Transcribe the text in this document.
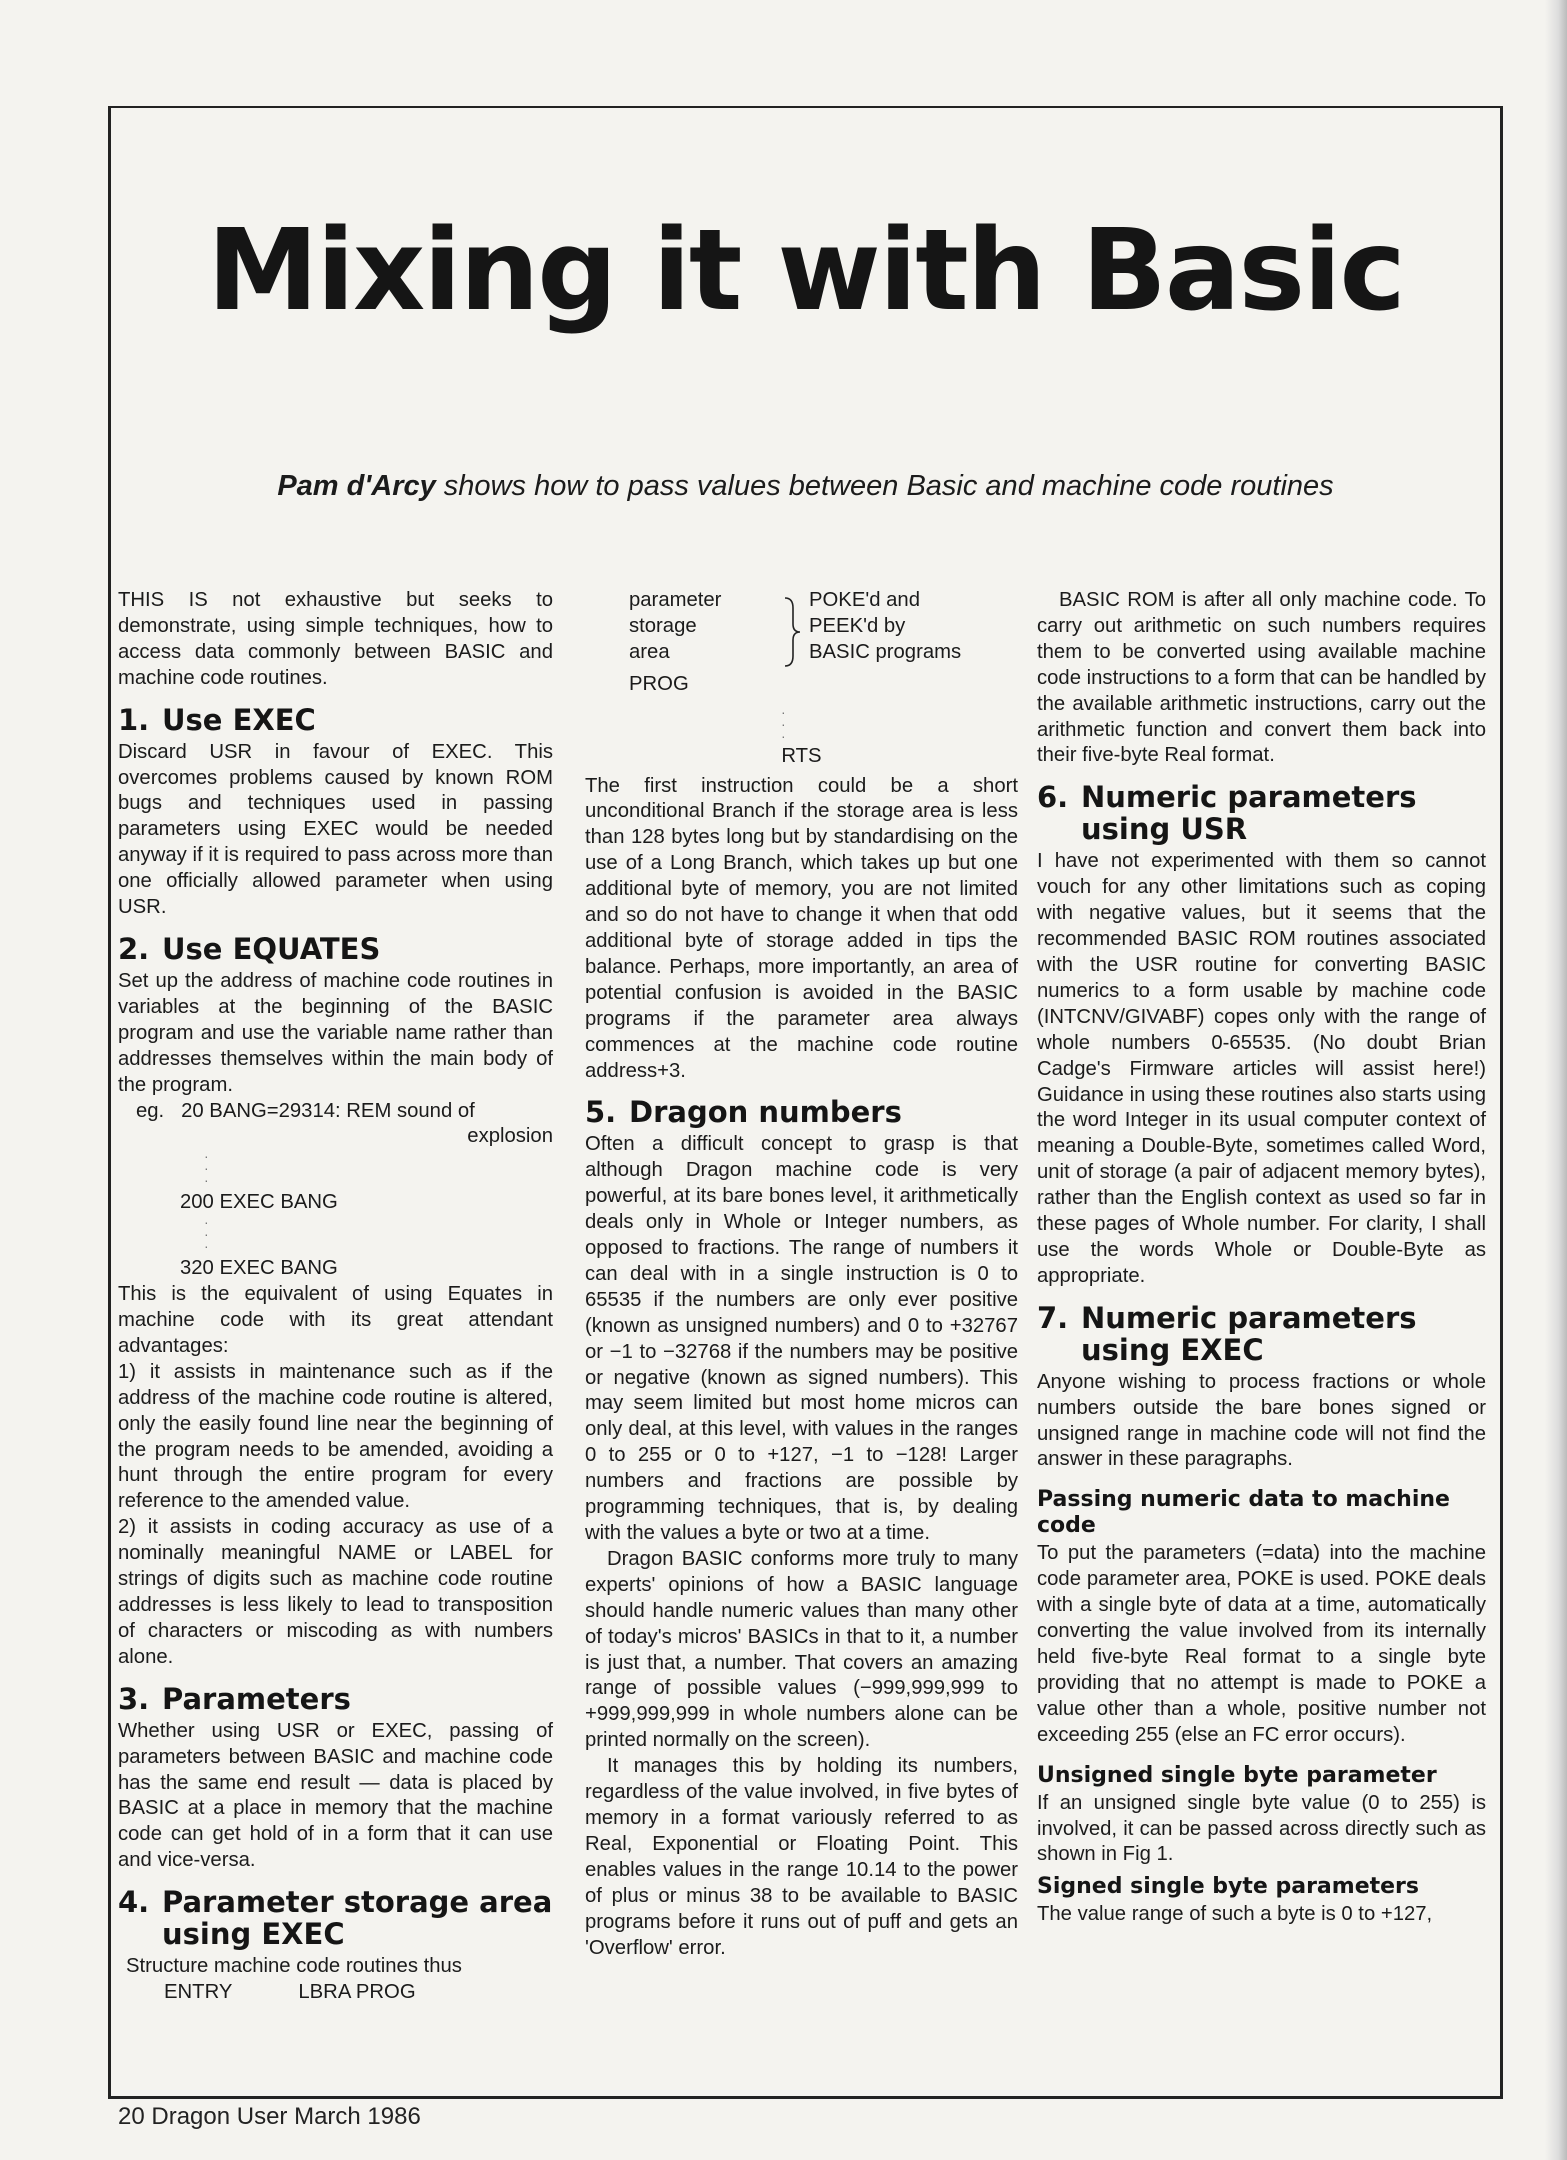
Mixing it with Basic
Pam d'Arcy shows how to pass values between Basic and machine code routines

THIS IS not exhaustive but seeks to demonstrate, using simple techniques, how to access data commonly between BASIC and machine code routines.

1. Use EXEC

Discard USR in favour of EXEC. This overcomes problems caused by known ROM bugs and techniques used in passing parameters using EXEC would be needed anyway if it is required to pass across more than one officially allowed parameter when using USR.

2. Use EQUATES

Set up the address of machine code routines in variables at the beginning of the BASIC program and use the variable name rather than addresses themselves within the main body of the program.

eg.   20 BANG=29314: REM sound of
explosion
·
·
·
200 EXEC BANG
·
·
·
320 EXEC BANG

This is the equivalent of using Equates in machine code with its great attendant advantages:

1) it assists in maintenance such as if the address of the machine code routine is altered, only the easily found line near the beginning of the program needs to be amended, avoiding a hunt through the entire program for every reference to the amended value.

2) it assists in coding accuracy as use of a nominally meaningful NAME or LABEL for strings of digits such as machine code routine addresses is less likely to lead to transposition of characters or miscoding as with numbers alone.

3. Parameters

Whether using USR or EXEC, passing of parameters between BASIC and machine code has the same end result — data is placed by BASIC at a place in memory that the machine code can get hold of in a form that it can use and vice-versa.

4. Parameter storage area
using EXEC

Structure machine code routines thus

ENTRY	LBRA PROG
parameter
storage
area
PROG
POKE'd and
PEEK'd by
BASIC programs
·
·
·
RTS

The first instruction could be a short unconditional Branch if the storage area is less than 128 bytes long but by standardising on the use of a Long Branch, which takes up but one additional byte of memory, you are not limited and so do not have to change it when that odd additional byte of storage added in tips the balance. Perhaps, more importantly, an area of potential confusion is avoided in the BASIC programs if the parameter area always commences at the machine code routine address+3.

5. Dragon numbers

Often a difficult concept to grasp is that although Dragon machine code is very powerful, at its bare bones level, it arithmetically deals only in Whole or Integer numbers, as opposed to fractions. The range of numbers it can deal with in a single instruction is 0 to 65535 if the numbers are only ever positive (known as unsigned numbers) and 0 to +32767 or −1 to −32768 if the numbers may be positive or negative (known as signed numbers). This may seem limited but most home micros can only deal, at this level, with values in the ranges 0 to 255 or 0 to +127, −1 to −128! Larger numbers and fractions are possible by programming techniques, that is, by dealing with the values a byte or two at a time.

Dragon BASIC conforms more truly to many experts' opinions of how a BASIC language should handle numeric values than many other of today's micros' BASICs in that to it, a number is just that, a number. That covers an amazing range of possible values (−999,999,999 to +999,999,999 in whole numbers alone can be printed normally on the screen).

It manages this by holding its numbers, regardless of the value involved, in five bytes of memory in a format variously referred to as Real, Exponential or Floating Point. This enables values in the range 10.14 to the power of plus or minus 38 to be available to BASIC programs before it runs out of puff and gets an 'Overflow' error.

BASIC ROM is after all only machine code. To carry out arithmetic on such numbers requires them to be converted using available machine code instructions to a form that can be handled by the available arithmetic instructions, carry out the arithmetic function and convert them back into their five-byte Real format.

6. Numeric parameters
using USR

I have not experimented with them so cannot vouch for any other limitations such as coping with negative values, but it seems that the recommended BASIC ROM routines associated with the USR routine for converting BASIC numerics to a form usable by machine code (INTCNV/GIVABF) copes only with the range of whole numbers 0-65535. (No doubt Brian Cadge's Firmware articles will assist here!) Guidance in using these routines also starts using the word Integer in its usual computer context of meaning a Double-Byte, sometimes called Word, unit of storage (a pair of adjacent memory bytes), rather than the English context as used so far in these pages of Whole number. For clarity, I shall use the words Whole or Double-Byte as appropriate.

7. Numeric parameters
using EXEC

Anyone wishing to process fractions or whole numbers outside the bare bones signed or unsigned range in machine code will not find the answer in these paragraphs.

Passing numeric data to machine code

To put the parameters (=data) into the machine code parameter area, POKE is used. POKE deals with a single byte of data at a time, automatically converting the value involved from its internally held five-byte Real format to a single byte providing that no attempt is made to POKE a value other than a whole, positive number not exceeding 255 (else an FC error occurs).

Unsigned single byte parameter

If an unsigned single byte value (0 to 255) is involved, it can be passed across directly such as shown in Fig 1.

Signed single byte parameters

The value range of such a byte is 0 to +127,

20 Dragon User March 1986
